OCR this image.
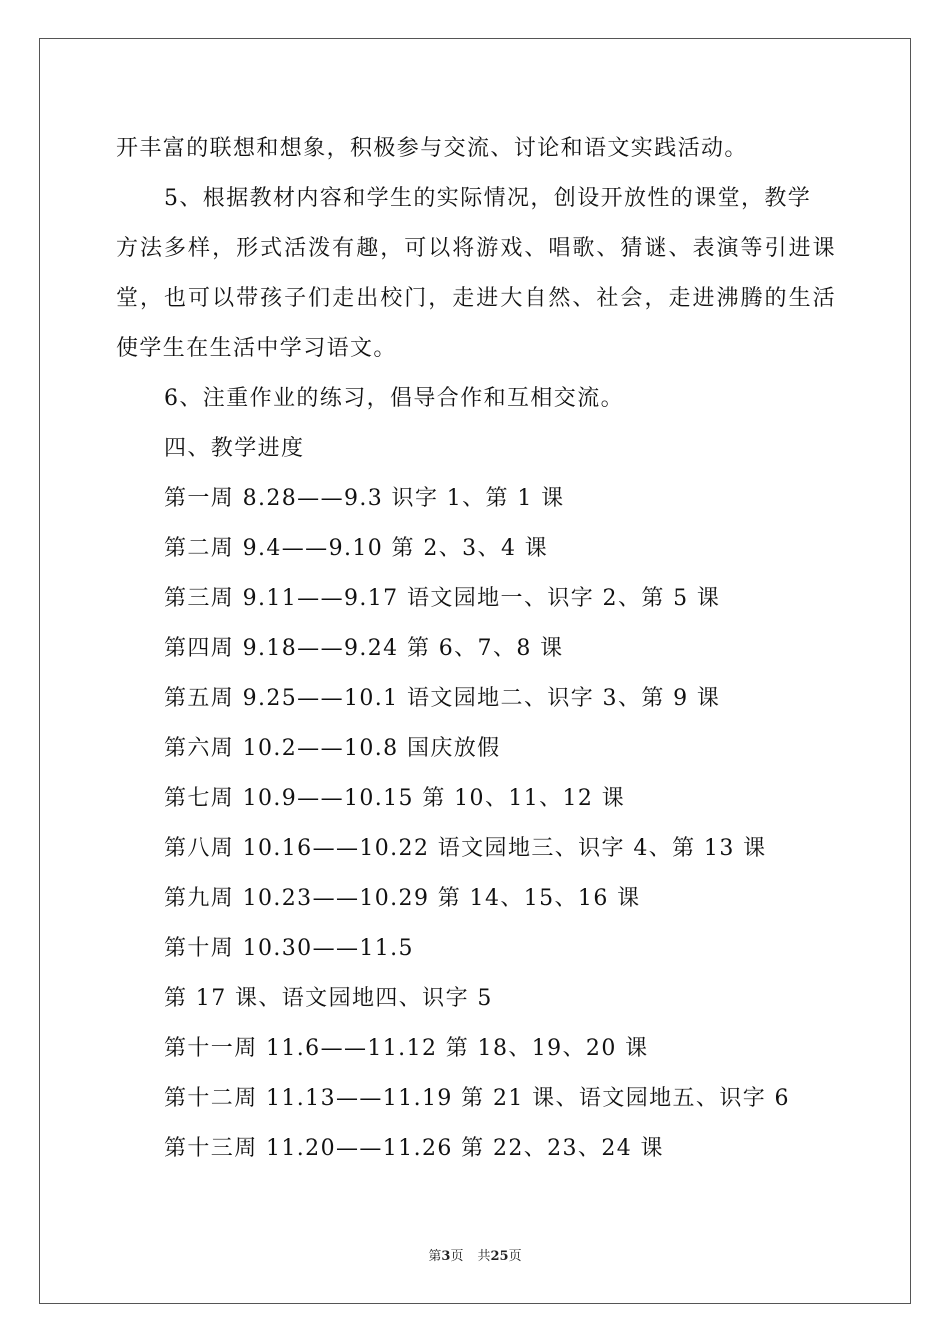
开丰富的联想和想象，积极参与交流、讨论和语文实践活动。
5、根据教材内容和学生的实际情况，创设开放性的课堂，教学
方法多样，形式活泼有趣，可以将游戏、唱歌、猜谜、表演等引进课
堂，也可以带孩子们走出校门，走进大自然、社会，走进沸腾的生活
使学生在生活中学习语文。
6、注重作业的练习，倡导合作和互相交流。
四、教学进度
第一周 8.28——9.3 识字 1、第 1 课
第二周 9.4——9.10 第 2、3、4 课
第三周 9.11——9.17 语文园地一、识字 2、第 5 课
第四周 9.18——9.24 第 6、7、8 课
第五周 9.25——10.1 语文园地二、识字 3、第 9 课
第六周 10.2——10.8 国庆放假
第七周 10.9——10.15 第 10、11、12 课
第八周 10.16——10.22 语文园地三、识字 4、第 13 课
第九周 10.23——10.29 第 14、15、16 课
第十周 10.30——11.5
第 17 课、语文园地四、识字 5
第十一周 11.6——11.12 第 18、19、20 课
第十二周 11.13——11.19 第 21 课、语文园地五、识字 6
第十三周 11.20——11.26 第 22、23、24 课
第3页 共25页
